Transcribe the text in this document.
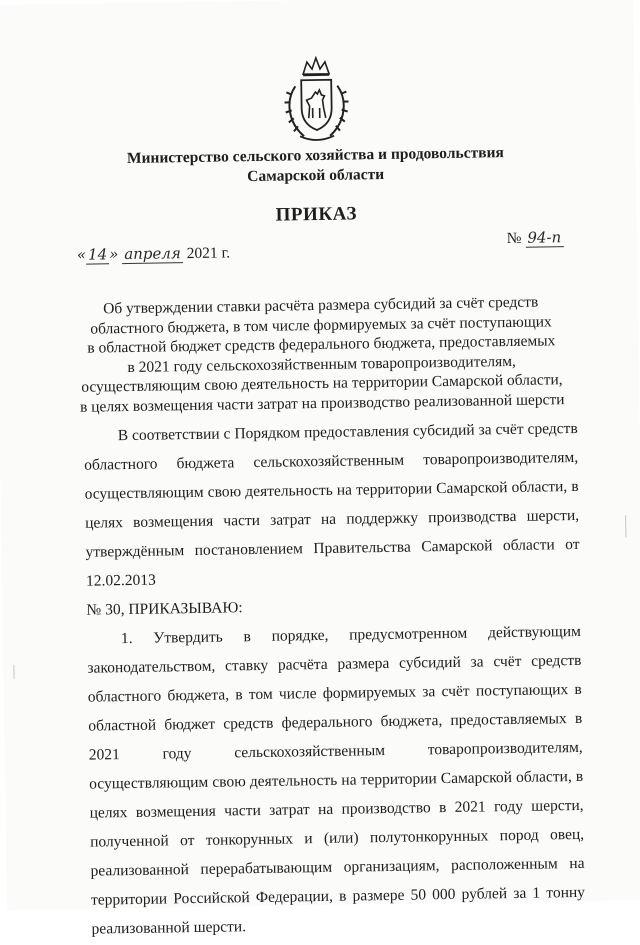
Министерство сельского хозяйства и продовольствия
Самарской области
ПРИКАЗ
« 14 » апреля 2021 г.
№ 94-п
Об утверждении ставки расчёта размера субсидий за счёт средств
областного бюджета, в том числе формируемых за счёт поступающих
в областной бюджет средств федерального бюджета, предоставляемых
в 2021 году сельскохозяйственным товаропроизводителям,
осуществляющим свою деятельность на территории Самарской области,
в целях возмещения части затрат на производство реализованной шерсти

В соответствии с Порядком предоставления субсидий за счёт средств областного бюджета сельскохозяйственным товаропроизводителям, осуществляющим свою деятельность на территории Самарской области, в целях возмещения части затрат на поддержку производства шерсти, утверждённым постановлением Правительства Самарской области от 12.02.2013

№ 30, ПРИКАЗЫВАЮ:

1. Утвердить в порядке, предусмотренном действующим законодательством, ставку расчёта размера субсидий за счёт средств областного бюджета, в том числе формируемых за счёт поступающих в областной бюджет средств федерального бюджета, предоставляемых в 2021 году сельскохозяйственным товаропроизводителям, осуществляющим свою деятельность на территории Самарской области, в целях возмещения части затрат на производство в 2021 году шерсти, полученной от тонкорунных и (или) полутонкорунных пород овец, реализованной перерабатывающим организациям, расположенным на территории Российской Федерации, в размере 50 000 рублей за 1 тонну реализованной шерсти.
